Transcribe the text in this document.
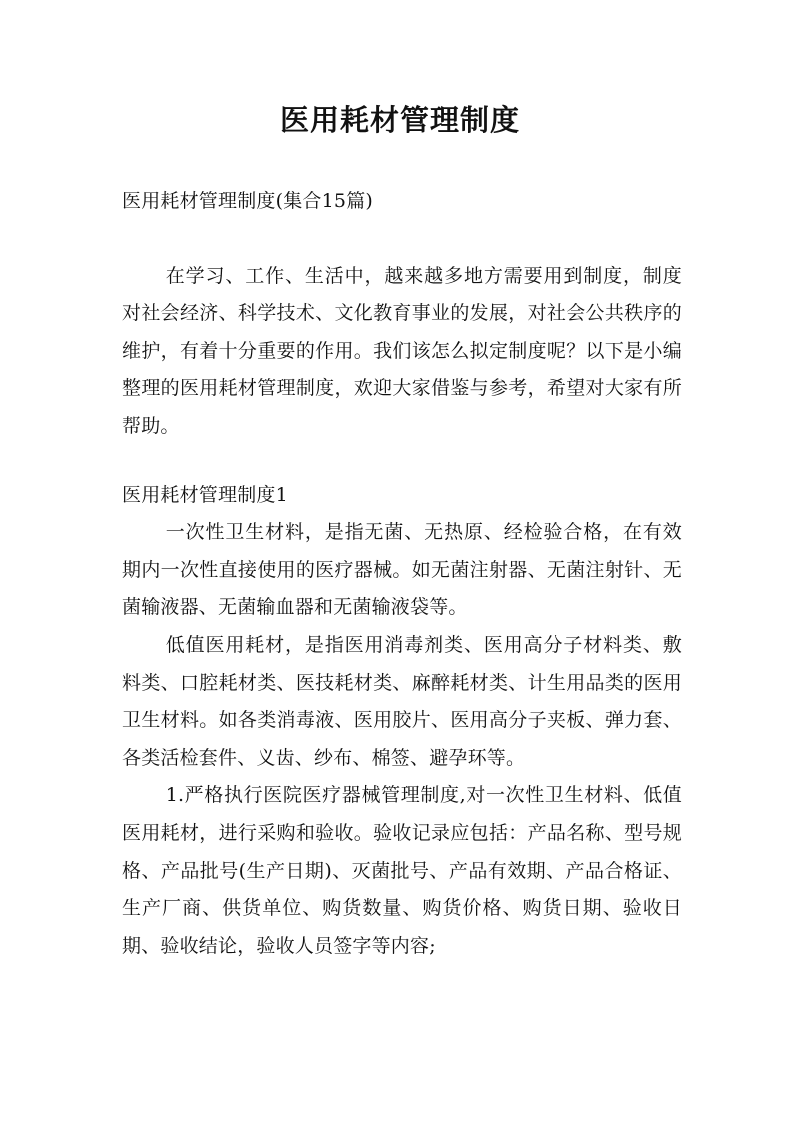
医用耗材管理制度

医用耗材管理制度(集合15篇)

在学习、工作、生活中，越来越多地方需要用到制度，制度对社会经济、科学技术、文化教育事业的发展，对社会公共秩序的维护，有着十分重要的作用。我们该怎么拟定制度呢？以下是小编整理的医用耗材管理制度，欢迎大家借鉴与参考，希望对大家有所帮助。

医用耗材管理制度1

一次性卫生材料，是指无菌、无热原、经检验合格，在有效期内一次性直接使用的医疗器械。如无菌注射器、无菌注射针、无菌输液器、无菌输血器和无菌输液袋等。

低值医用耗材，是指医用消毒剂类、医用高分子材料类、敷料类、口腔耗材类、医技耗材类、麻醉耗材类、计生用品类的医用卫生材料。如各类消毒液、医用胶片、医用高分子夹板、弹力套、各类活检套件、义齿、纱布、棉签、避孕环等。

1.严格执行医院医疗器械管理制度,对一次性卫生材料、低值医用耗材，进行采购和验收。验收记录应包括：产品名称、型号规格、产品批号(生产日期)、灭菌批号、产品有效期、产品合格证、生产厂商、供货单位、购货数量、购货价格、购货日期、验收日期、验收结论，验收人员签字等内容;
